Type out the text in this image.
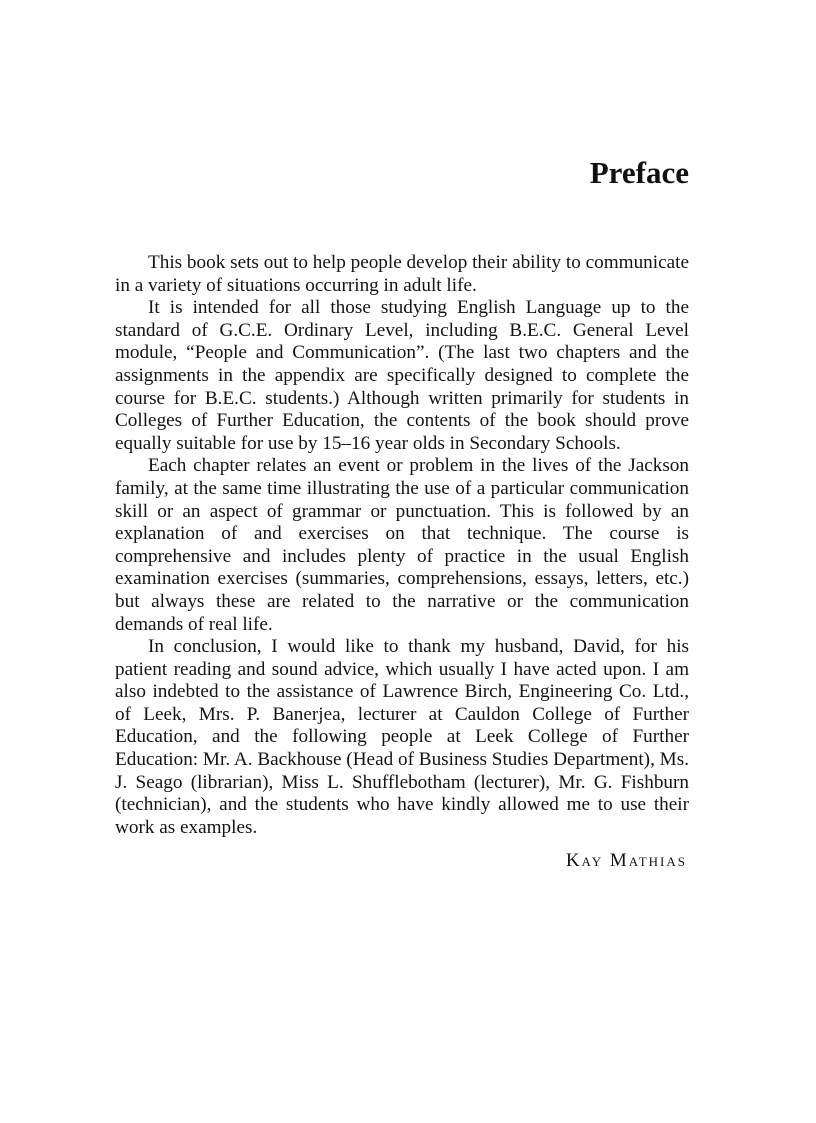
Preface

This book sets out to help people develop their ability to communicate in a variety of situations occurring in adult life.

It is intended for all those studying English Language up to the standard of G.C.E. Ordinary Level, including B.E.C. General Level module, “People and Communication”. (The last two chapters and the assignments in the appendix are specifically designed to complete the course for B.E.C. students.) Although written primarily for students in Colleges of Further Education, the contents of the book should prove equally suitable for use by 15–16 year olds in Secondary Schools.

Each chapter relates an event or problem in the lives of the Jackson family, at the same time illustrating the use of a particular communication skill or an aspect of grammar or punctuation. This is followed by an explanation of and exercises on that technique. The course is comprehensive and includes plenty of practice in the usual English examination exercises (summaries, comprehensions, essays, letters, etc.) but always these are related to the narrative or the communication demands of real life.

In conclusion, I would like to thank my husband, David, for his patient reading and sound advice, which usually I have acted upon. I am also indebted to the assistance of Lawrence Birch, Engineering Co. Ltd., of Leek, Mrs. P. Banerjea, lecturer at Cauldon College of Further Education, and the following people at Leek College of Further Education: Mr. A. Backhouse (Head of Business Studies Department), Ms. J. Seago (librarian), Miss L. Shufflebotham (lecturer), Mr. G. Fishburn (technician), and the students who have kindly allowed me to use their work as examples.

Kay Mathias
